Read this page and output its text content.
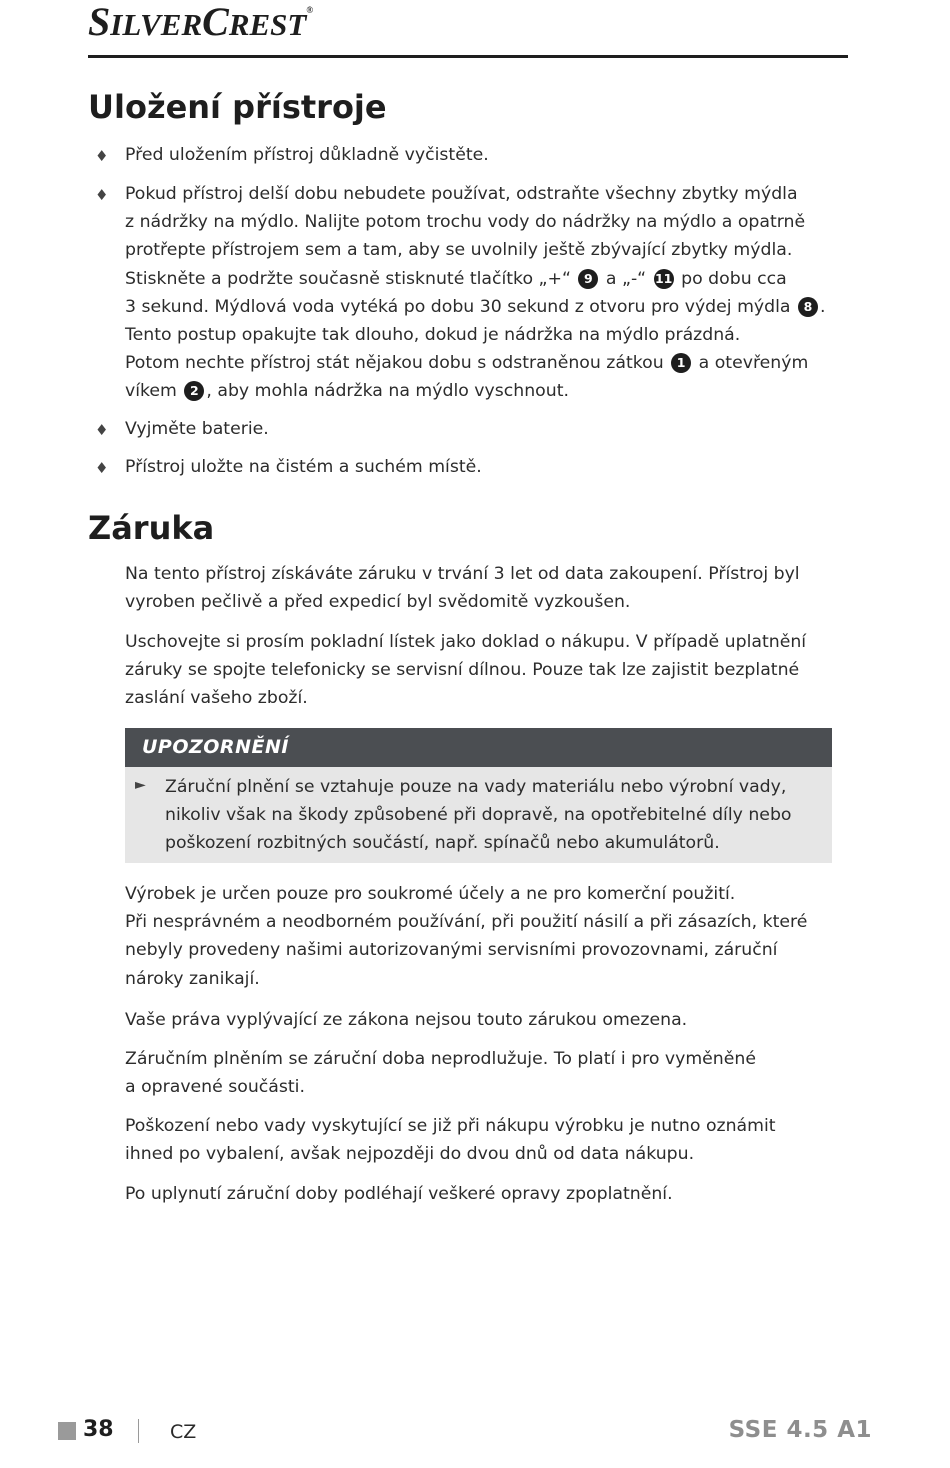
SILVERCREST®
Uložení přístroje
♦ Před uložením přístroj důkladně vyčistěte.

♦ Pokud přístroj delší dobu nebudete používat, odstraňte všechny zbytky mýdla

z nádržky na mýdlo. Nalijte potom trochu vody do nádržky na mýdlo a opatrně

protřepte přístrojem sem a tam, aby se uvolnily ještě zbývající zbytky mýdla.

Stiskněte a podržte současně stisknuté tlačítko „+“ 9 a „-“ 11 po dobu cca

3 sekund. Mýdlová voda vytéká po dobu 30 sekund z otvoru pro výdej mýdla 8 .

Tento postup opakujte tak dlouho, dokud je nádržka na mýdlo prázdná.

Potom nechte přístroj stát nějakou dobu s odstraněnou zátkou 1 a otevřeným

víkem 2 , aby mohla nádržka na mýdlo vyschnout.

♦ Vyjměte baterie.

♦ Přístroj uložte na čistém a suchém místě.

Záruka

Na tento přístroj získáváte záruku v trvání 3 let od data zakoupení. Přístroj byl

vyroben pečlivě a před expedicí byl svědomitě vyzkoušen.

Uschovejte si prosím pokladní lístek jako doklad o nákupu. V případě uplatnění

záruky se spojte telefonicky se servisní dílnou. Pouze tak lze zajistit bezplatné

zaslání vašeho zboží.

UPOZORNĚNÍ
► Záruční plnění se vztahuje pouze na vady materiálu nebo výrobní vady,

nikoliv však na škody způsobené při dopravě, na opotřebitelné díly nebo

poškození rozbitných součástí, např. spínačů nebo akumulátorů.

Výrobek je určen pouze pro soukromé účely a ne pro komerční použití.

Při nesprávném a neodborném používání, při použití násilí a při zásazích, které

nebyly provedeny našimi autorizovanými servisními provozovnami, záruční

nároky zanikají.

Vaše práva vyplývající ze zákona nejsou touto zárukou omezena.

Záručním plněním se záruční doba neprodlužuje. To platí i pro vyměněné

a opravené součásti.

Poškození nebo vady vyskytující se již při nákupu výrobku je nutno oznámit

ihned po vybalení, avšak nejpozději do dvou dnů od data nákupu.

Po uplynutí záruční doby podléhají veškeré opravy zpoplatnění.

38	CZ	SSE 4.5 A1
